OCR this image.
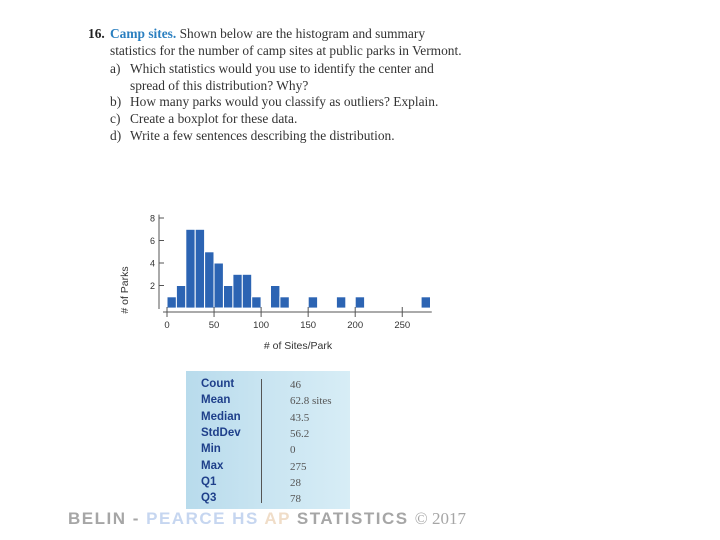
16. Camp sites. Shown below are the histogram and summary statistics for the number of camp sites at public parks in Vermont.
a) Which statistics would you use to identify the center and spread of this distribution? Why?
b) How many parks would you classify as outliers? Explain.
c) Create a boxplot for these data.
d) Write a few sentences describing the distribution.
2
4
6
8
0	50	100	150	200	250
# of Parks
# of Sites/Park
Count	46
Mean	62.8 sites
Median	43.5
StdDev	56.2
Min	0
Max	275
Q1	28
Q3	78
BELIN - PEARCE HS AP STATISTICS © 2017
